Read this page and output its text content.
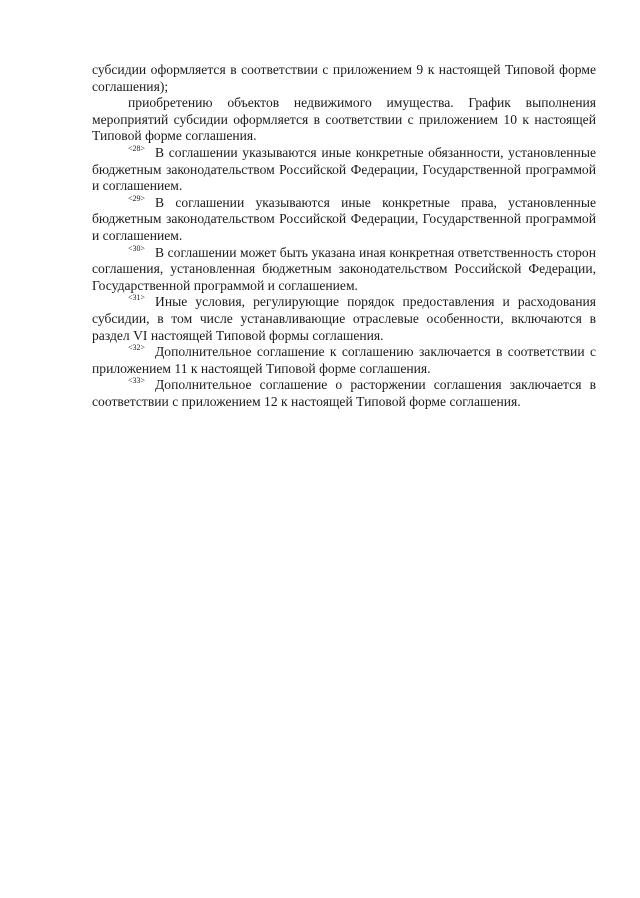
субсидии оформляется в соответствии с приложением 9 к настоящей Типовой форме соглашения);

приобретению объектов недвижимого имущества. График выполнения мероприятий субсидии оформляется в соответствии с приложением 10 к настоящей Типовой форме соглашения.

$^{<28>}$ В соглашении указываются иные конкретные обязанности, установленные бюджетным законодательством Российской Федерации, Государственной программой и соглашением.

$^{<29>}$ В соглашении указываются иные конкретные права, установленные бюджетным законодательством Российской Федерации, Государственной программой и соглашением.

$^{<30>}$ В соглашении может быть указана иная конкретная ответственность сторон соглашения, установленная бюджетным законодательством Российской Федерации, Государственной программой и соглашением.

$^{<31>}$ Иные условия, регулирующие порядок предоставления и расходования субсидии, в том числе устанавливающие отраслевые особенности, включаются в раздел VI настоящей Типовой формы соглашения.

$^{<32>}$ Дополнительное соглашение к соглашению заключается в соответствии с приложением 11 к настоящей Типовой форме соглашения.

$^{<33>}$ Дополнительное соглашение о расторжении соглашения заключается в соответствии с приложением 12 к настоящей Типовой форме соглашения.
